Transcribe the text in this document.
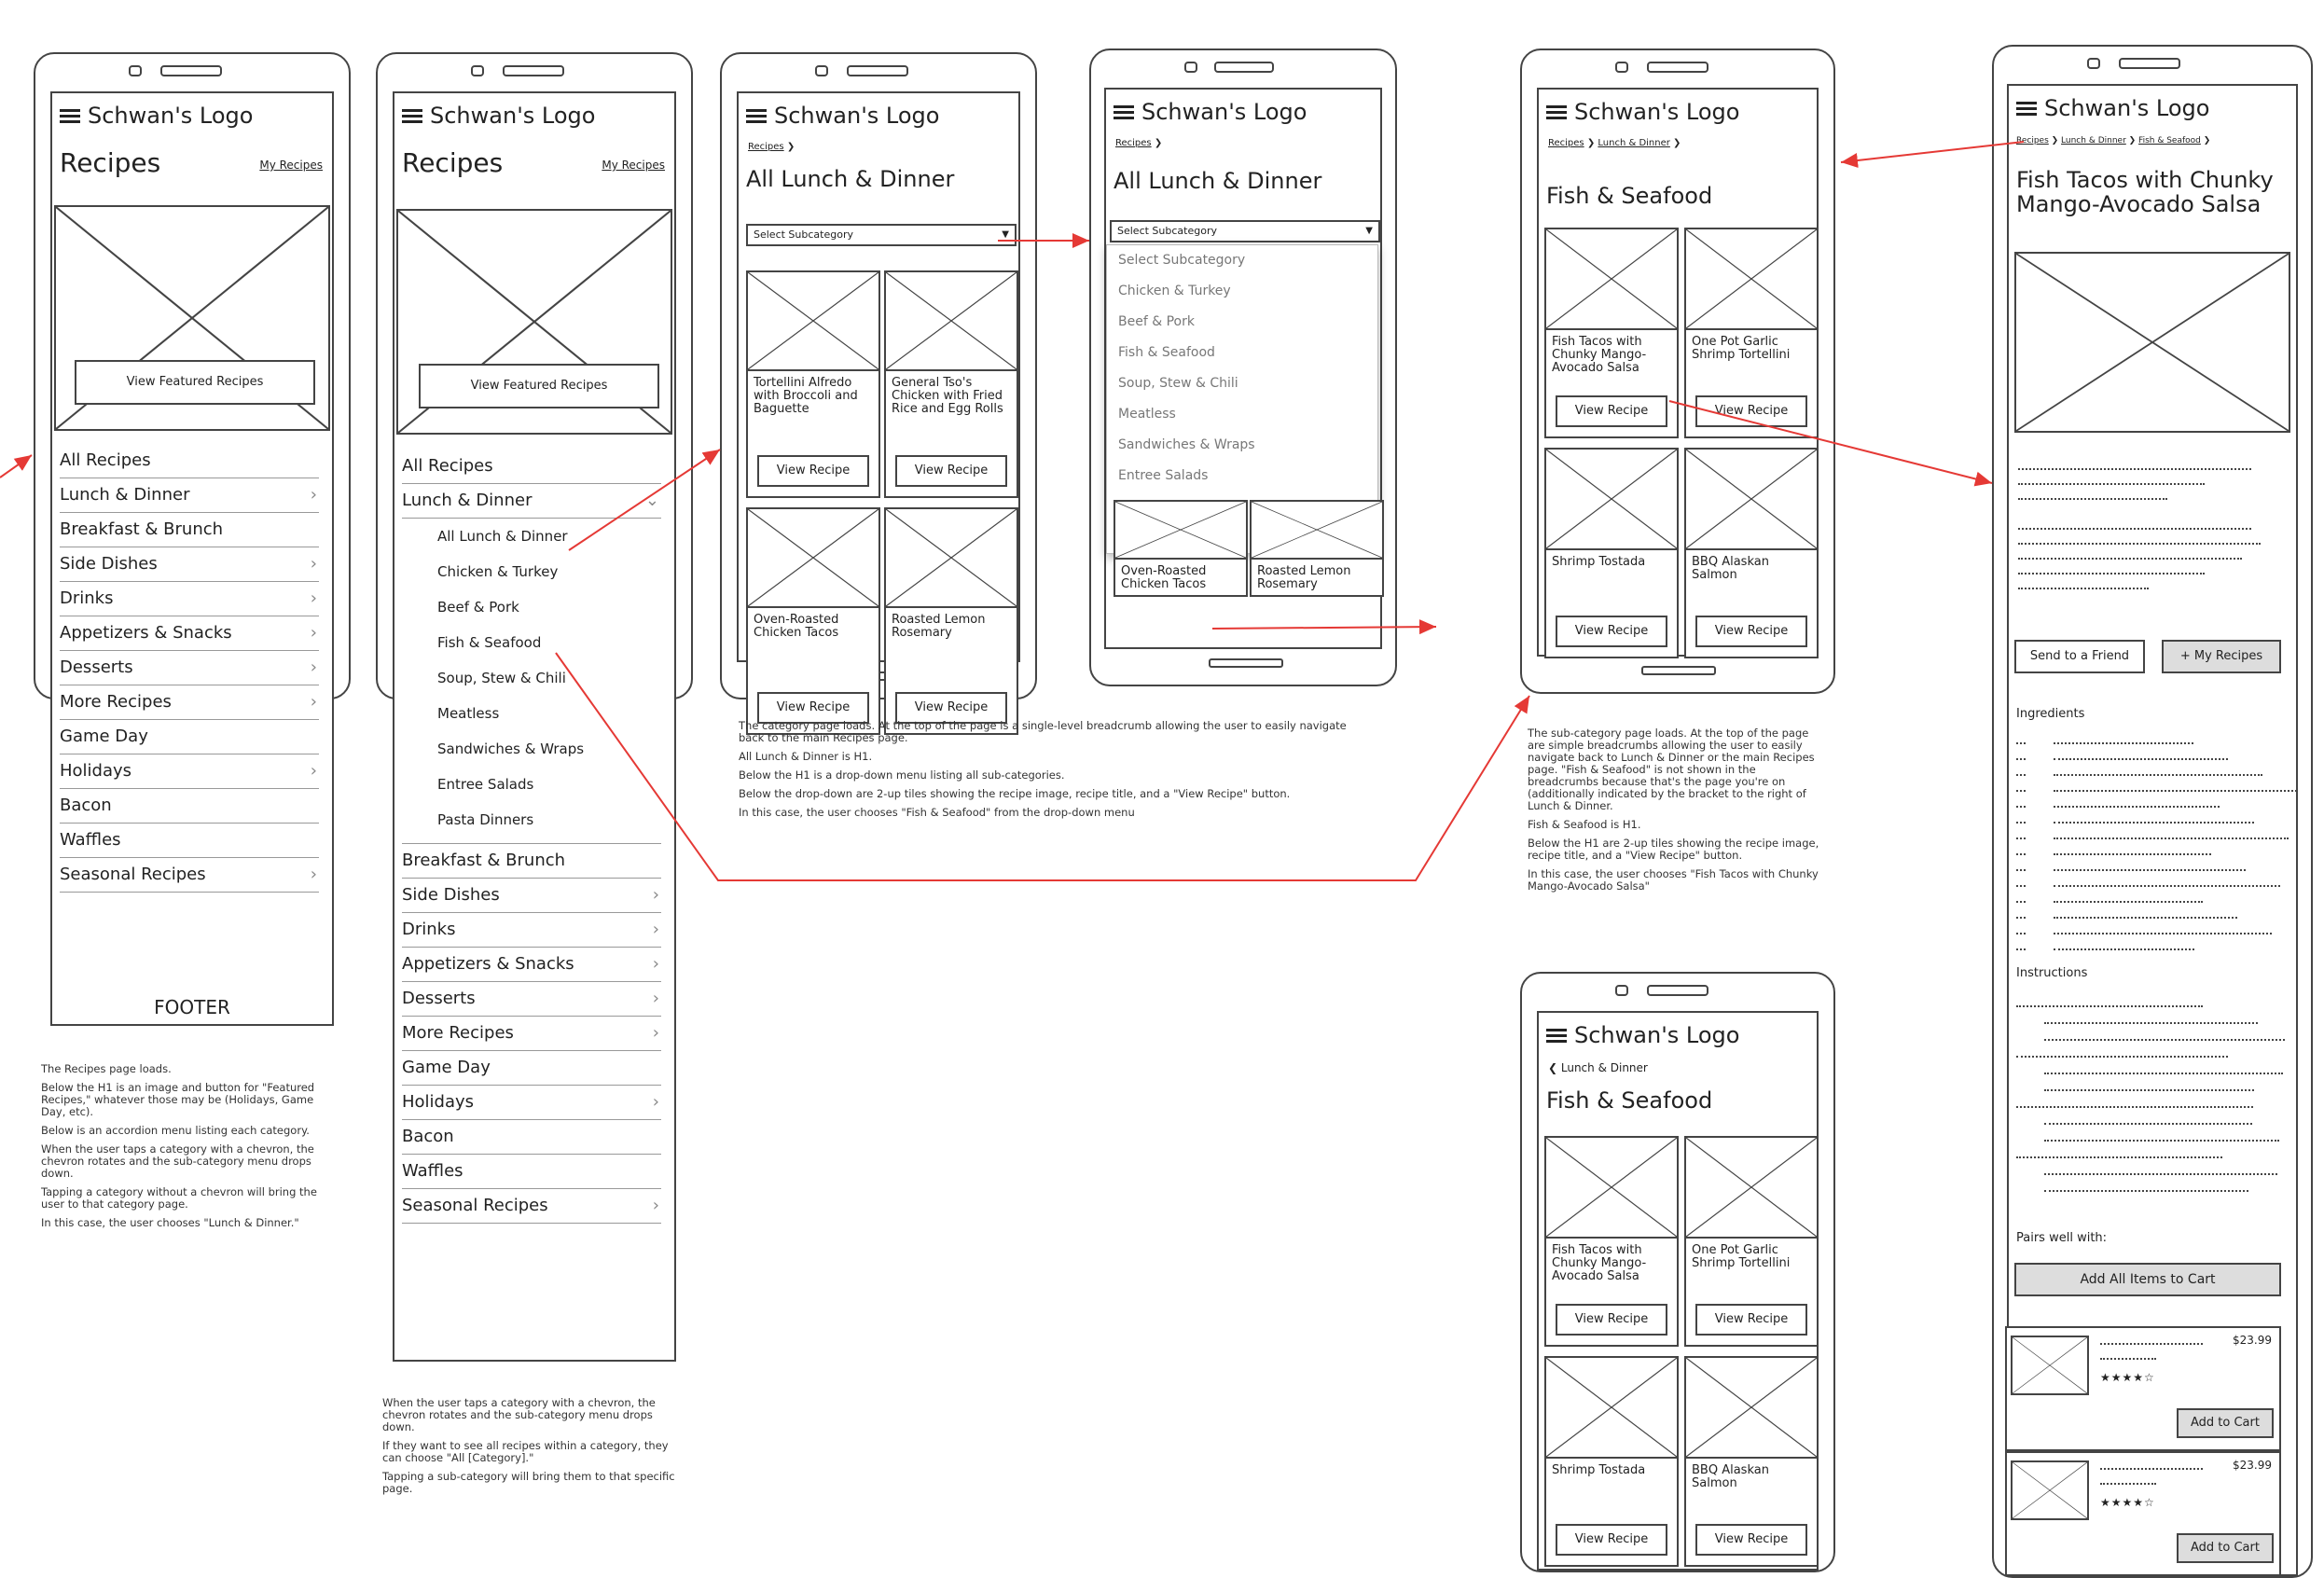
Schwan's Logo
Recipes	My Recipes
View Featured Recipes
All Recipes
Lunch & Dinner	›
Breakfast & Brunch
Side Dishes	›
Drinks	›
Appetizers & Snacks	›
Desserts	›
More Recipes	›
Game Day
Holidays	›
Bacon
Waffles
Seasonal Recipes	›
FOOTER
Schwan's Logo
Recipes	My Recipes
View Featured Recipes
All Recipes
Lunch & Dinner	⌄
All Lunch & Dinner
Chicken & Turkey
Beef & Pork
Fish & Seafood
Soup, Stew & Chili
Meatless
Sandwiches & Wraps
Entree Salads
Pasta Dinners
Breakfast & Brunch
Side Dishes	›
Drinks	›
Appetizers & Snacks	›
Desserts	›
More Recipes	›
Game Day
Holidays	›
Bacon
Waffles
Seasonal Recipes	›
Schwan's Logo
Recipes ❯
All Lunch & Dinner
Select Subcategory	▼
Tortellini Alfredo with Broccoli and Baguette
View Recipe
General Tso's Chicken with Fried Rice and Egg Rolls
View Recipe
Oven-Roasted Chicken Tacos
View Recipe
Roasted Lemon Rosemary
View Recipe
Schwan's Logo
Recipes ❯
All Lunch & Dinner
Select Subcategory	▼
Select Subcategory
Chicken & Turkey
Beef & Pork
Fish & Seafood
Soup, Stew & Chili
Meatless
Sandwiches & Wraps
Entree Salads
Oven-Roasted Chicken Tacos
Roasted Lemon Rosemary
Schwan's Logo
Recipes ❯ Lunch & Dinner ❯
Fish & Seafood
Fish Tacos with Chunky Mango-Avocado Salsa
View Recipe
One Pot Garlic Shrimp Tortellini
View Recipe
Shrimp Tostada
View Recipe
BBQ Alaskan Salmon
View Recipe
Schwan's Logo
❮ Lunch & Dinner
Fish & Seafood
Fish Tacos with Chunky Mango-Avocado Salsa
View Recipe
One Pot Garlic Shrimp Tortellini
View Recipe
Shrimp Tostada
View Recipe
BBQ Alaskan Salmon
View Recipe
Schwan's Logo
Recipes ❯ Lunch & Dinner ❯ Fish & Seafood ❯
Fish Tacos with Chunky Mango-Avocado Salsa
Send to a Friend	+ My Recipes
Ingredients
Instructions
Pairs well with:
Add All Items to Cart
$23.99
★★★★☆
Add to Cart
$23.99
★★★★☆
Add to Cart

The Recipes page loads.

Below the H1 is an image and button for "Featured Recipes," whatever those may be (Holidays, Game Day, etc).

Below is an accordion menu listing each category.

When the user taps a category with a chevron, the chevron rotates and the sub-category menu drops down.

Tapping a category without a chevron will bring the user to that category page.

In this case, the user chooses "Lunch & Dinner."

When the user taps a category with a chevron, the chevron rotates and the sub-category menu drops down.

If they want to see all recipes within a category, they can choose "All [Category]."

Tapping a sub-category will bring them to that specific page.

The category page loads. At the top of the page is a single-level breadcrumb allowing the user to easily navigate back to the main Recipes page.

All Lunch & Dinner is H1.

Below the H1 is a drop-down menu listing all sub-categories.

Below the drop-down are 2-up tiles showing the recipe image, recipe title, and a "View Recipe" button.

In this case, the user chooses "Fish & Seafood" from the drop-down menu

The sub-category page loads. At the top of the page are simple breadcrumbs allowing the user to easily navigate back to Lunch & Dinner or the main Recipes page. "Fish & Seafood" is not shown in the breadcrumbs because that's the page you're on (additionally indicated by the bracket to the right of Lunch & Dinner.

Fish & Seafood is H1.

Below the H1 are 2-up tiles showing the recipe image, recipe title, and a "View Recipe" button.

In this case, the user chooses "Fish Tacos with Chunky Mango-Avocado Salsa"
